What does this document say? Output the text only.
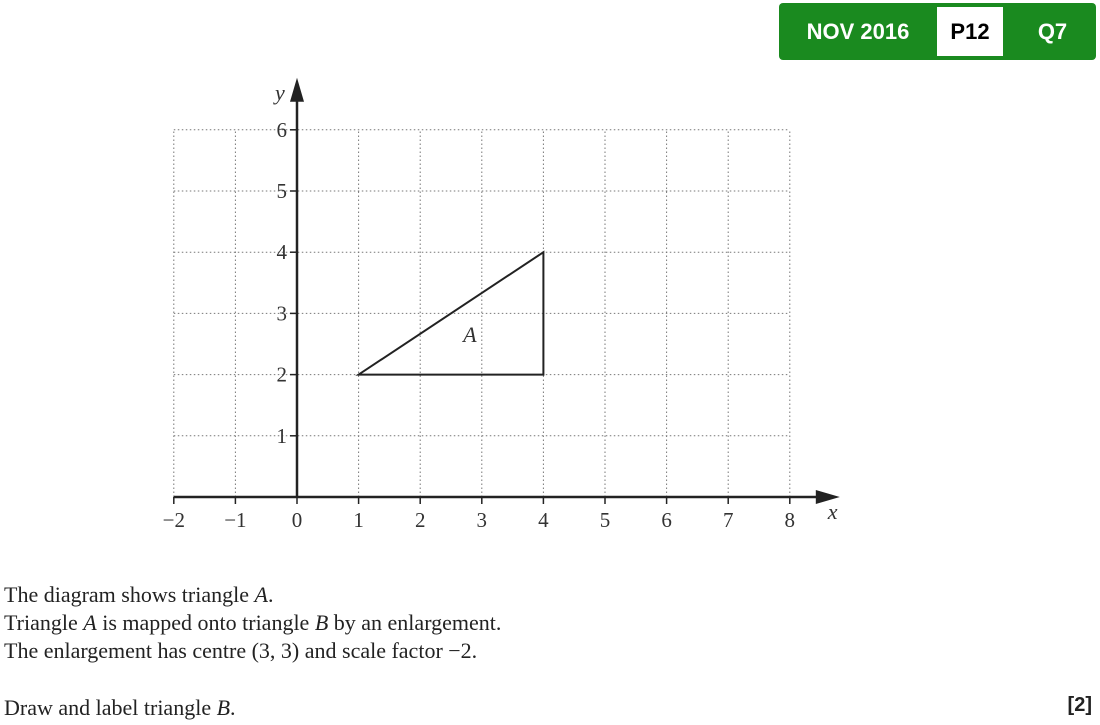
NOV 2016	P12	Q7
−2 −1 0 1 2 3 4 5 6 7 8
1
2
3
4
5
6
x
y
A

The diagram shows triangle A.

Triangle A is mapped onto triangle B by an enlargement.

The enlargement has centre (3, 3) and scale factor −2.

Draw and label triangle B.	[2]
